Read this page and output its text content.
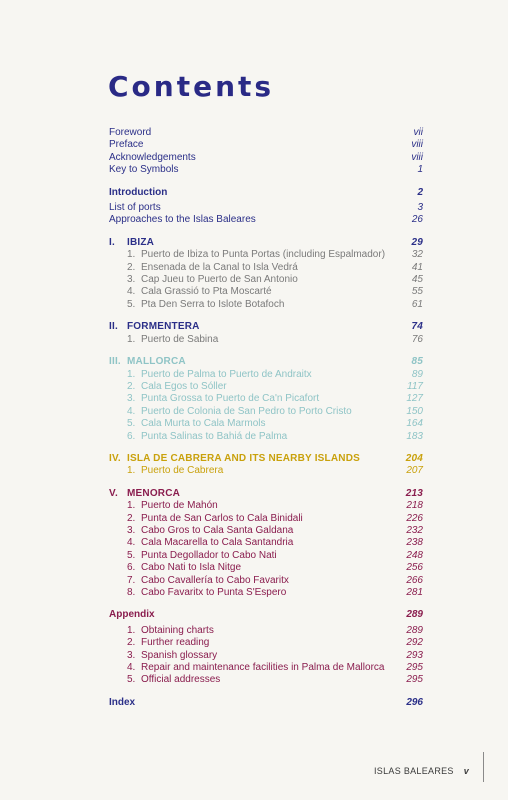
Contents
Foreword	vii
Preface	viii
Acknowledgements	viii
Key to Symbols	1
Introduction	2
List of ports	3
Approaches to the Islas Baleares	26
I.	IBIZA	29
1. Puerto de Ibiza to Punta Portas (including Espalmador)	32
2. Ensenada de la Canal to Isla Vedrá	41
3. Cap Jueu to Puerto de San Antonio	45
4. Cala Grassió to Pta Moscarté	55
5. Pta Den Serra to Islote Botafoch	61
II. FORMENTERA	74
1. Puerto de Sabina	76
III. MALLORCA	85
1. Puerto de Palma to Puerto de Andraitx	89
2. Cala Egos to Sóller	117
3. Punta Grossa to Puerto de Ca'n Picafort	127
4. Puerto de Colonia de San Pedro to Porto Cristo	150
5. Cala Murta to Cala Marmols	164
6. Punta Salinas to Bahiá de Palma	183
IV. ISLA DE CABRERA AND ITS NEARBY ISLANDS	204
1. Puerto de Cabrera	207
V. MENORCA	213
1. Puerto de Mahón	218
2. Punta de San Carlos to Cala Binidali	226
3. Cabo Gros to Cala Santa Galdana	232
4. Cala Macarella to Cala Santandria	238
5. Punta Degollador to Cabo Nati	248
6. Cabo Nati to Isla Nitge	256
7. Cabo Cavallería to Cabo Favaritx	266
8. Cabo Favaritx to Punta S'Espero	281
Appendix	289
1. Obtaining charts	289
2. Further reading	292
3. Spanish glossary	293
4. Repair and maintenance facilities in Palma de Mallorca 295
5. Official addresses	295
Index	296
ISLAS BALEARES v
